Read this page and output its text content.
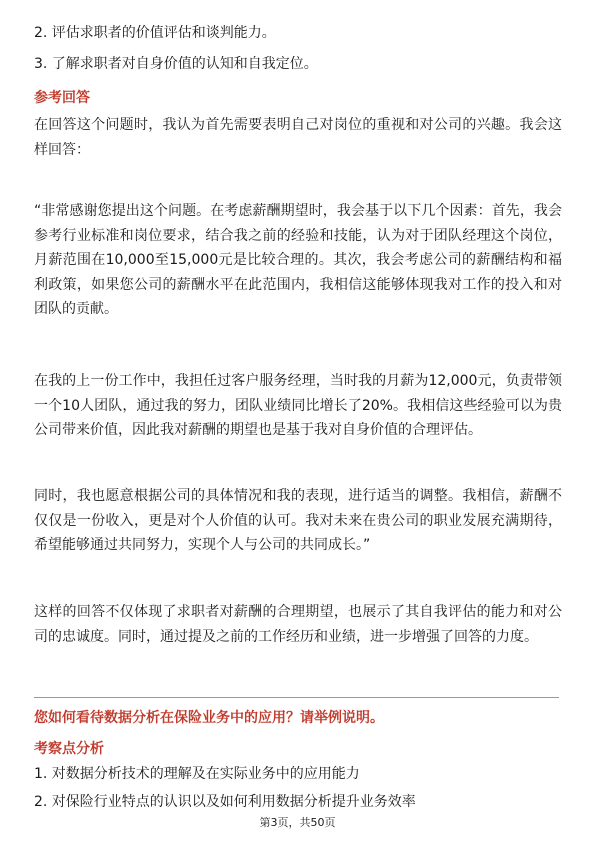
2. 评估求职者的价值评估和谈判能力。
3. 了解求职者对自身价值的认知和自我定位。
参考回答
在回答这个问题时，我认为首先需要表明自己对岗位的重视和对公司的兴趣。我会这样回答：
“非常感谢您提出这个问题。在考虑薪酬期望时，我会基于以下几个因素：首先，我会参考行业标准和岗位要求，结合我之前的经验和技能，认为对于团队经理这个岗位，月薪范围在10,000至15,000元是比较合理的。其次，我会考虑公司的薪酬结构和福利政策，如果您公司的薪酬水平在此范围内，我相信这能够体现我对工作的投入和对团队的贡献。
在我的上一份工作中，我担任过客户服务经理，当时我的月薪为12,000元，负责带领一个10人团队，通过我的努力，团队业绩同比增长了20%。我相信这些经验可以为贵公司带来价值，因此我对薪酬的期望也是基于我对自身价值的合理评估。
同时，我也愿意根据公司的具体情况和我的表现，进行适当的调整。我相信，薪酬不仅仅是一份收入，更是对个人价值的认可。我对未来在贵公司的职业发展充满期待，希望能够通过共同努力，实现个人与公司的共同成长。”
这样的回答不仅体现了求职者对薪酬的合理期望，也展示了其自我评估的能力和对公司的忠诚度。同时，通过提及之前的工作经历和业绩，进一步增强了回答的力度。
您如何看待数据分析在保险业务中的应用？请举例说明。
考察点分析
1. 对数据分析技术的理解及在实际业务中的应用能力
2. 对保险行业特点的认识以及如何利用数据分析提升业务效率
第3页，共50页
